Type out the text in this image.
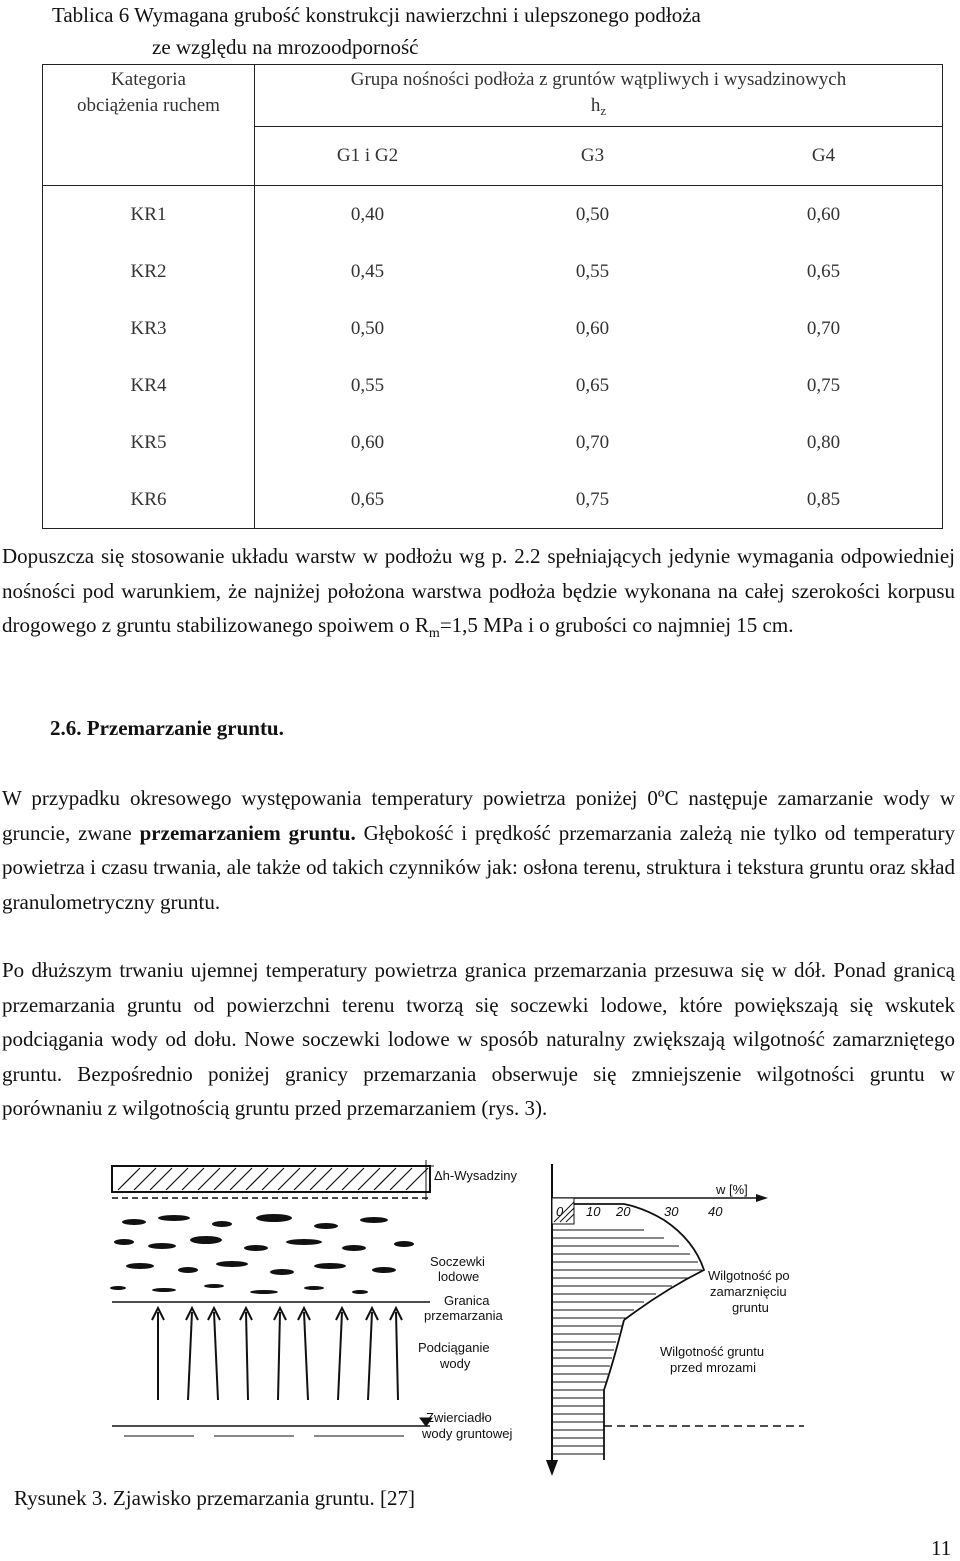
Tablica 6 Wymagana grubość konstrukcji nawierzchni i ulepszonego podłoża
ze względu na mrozoodporność
Kategoria
obciążenia ruchem	Grupa nośności podłoża z gruntów wątpliwych i wysadzinowych
$h_z$
	G1 i G2	G3	G4
KR1	0,40	0,50	0,60
KR2	0,45	0,55	0,65
KR3	0,50	0,60	0,70
KR4	0,55	0,65	0,75
KR5	0,60	0,70	0,80
KR6	0,65	0,75	0,85
Dopuszcza się stosowanie układu warstw w podłożu wg p. 2.2 spełniających jedynie wymagania odpowiedniej nośności pod warunkiem, że najniżej położona warstwa podłoża będzie wykonana na całej szerokości korpusu drogowego z gruntu stabilizowanego spoiwem o $R_m=1,5$ MPa i o grubości co najmniej 15 cm.
2.6. Przemarzanie gruntu.
W przypadku okresowego występowania temperatury powietrza poniżej 0ºC następuje zamarzanie wody w gruncie, zwane przemarzaniem gruntu. Głębokość i prędkość przemarzania zależą nie tylko od temperatury powietrza i czasu trwania, ale także od takich czynników jak: osłona terenu, struktura i tekstura gruntu oraz skład granulometryczny gruntu.
Po dłuższym trwaniu ujemnej temperatury powietrza granica przemarzania przesuwa się w dół. Ponad granicą przemarzania gruntu od powierzchni terenu tworzą się soczewki lodowe, które powiększają się wskutek podciągania wody od dołu. Nowe soczewki lodowe w sposób naturalny zwiększają wilgotność zamarzniętego gruntu. Bezpośrednio poniżej granicy przemarzania obserwuje się zmniejszenie wilgotności gruntu w porównaniu z wilgotnością gruntu przed przemarzaniem (rys. 3).
Δh-Wysadziny
Soczewki
lodowe
Granica
przemarzania
Podciąganie
wody
Zwierciadło
wody gruntowej
w [%]
0 10 20	30 40
Wilgotność po
zamarznięciu
gruntu
Wilgotność gruntu
przed mrozami
Rysunek 3. Zjawisko przemarzania gruntu. [27]
11
